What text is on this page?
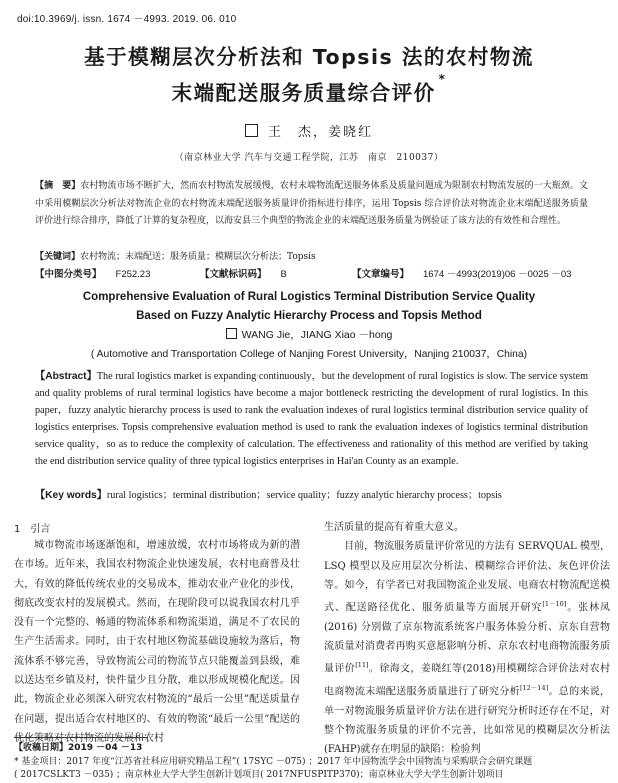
doi:10.3969/j. issn. 1674 －4993. 2019. 06. 010
基于模糊层次分析法和 Topsis 法的农村物流
末端配送服务质量综合评价*
王　杰，姜晓红
（南京林业大学 汽车与交通工程学院，江苏　南京　210037）
【摘　要】农村物流市场不断扩大，然而农村物流发展缓慢，农村末端物流配送服务体系及质量问题成为限制农村物流发展的一大瓶颈。文中采用模糊层次分析法对物流企业的农村物流末端配送服务质量评价指标进行排序，运用 Topsis 综合评价法对物流企业末端配送服务质量评价进行综合排序，降低了计算的复杂程度，以海安县三个典型的物流企业的末端配送服务质量为例验证了该方法的有效性和合理性。
【关键词】农村物流；末端配送；服务质量；模糊层次分析法；Topsis
【中图分类号】 F252.23	【文献标识码】 B	【文章编号】 1674 －4993(2019)06 －0025 －03
Comprehensive Evaluation of Rural Logistics Terminal Distribution Service Quality
Based on Fuzzy Analytic Hierarchy Process and Topsis Method
WANG Jie，JIANG Xiao －hong
( Automotive and Transportation College of Nanjing Forest University，Nanjing 210037，China)
【Abstract】The rural logistics market is expanding continuously，but the development of rural logistics is slow. The service system and quality problems of rural terminal logistics have become a major bottleneck restricting the development of rural logistics. In this paper，fuzzy analytic hierarchy process is used to rank the evaluation indexes of rural logistics terminal distribution service quality of logistics enterprises. Topsis comprehensive evaluation method is used to rank the evaluation indexes of logistics terminal distribution service quality，so as to reduce the complexity of calculation. The effectiveness and rationality of this method are verified by taking the end distribution service quality of three typical logistics enterprises in Hai'an County as an example.
【Key words】rural logistics；terminal distribution；service quality；fuzzy analytic hierarchy process；topsis
1　引言

城市物流市场逐渐饱和，增速放缓，农村市场将成为新的潜在市场。近年来，我国农村物流企业快速发展，农村电商普及壮大，有效的降低传统农业的交易成本，推动农业产业化的步伐，彻底改变农村的发展模式。然而，在现阶段可以说我国农村几乎没有一个完整的、畅通的物流体系和物流渠道，满足不了农民的生产生活需求。同时，由于农村地区物流基础设施较为落后，物流体系不够完善，导致物流公司的物流节点只能覆盖到县级，难以送达至乡镇及村，快件量少且分散，难以形成规模化配送。因此，物流企业必须深入研究农村物流的“最后一公里”配送质量存在问题，提出适合农村地区的、有效的物流“最后一公里”配送的优化策略对农村物流的发展和农村

生活质量的提高有着重大意义。

目前，物流服务质量评价常见的方法有 SERVQUAL 模型，LSQ 模型以及应用层次分析法、模糊综合评价法、灰色评价法等。如今，有学者已对我国物流企业发展、电商农村物流配送模式、配送路径优化、服务质量等方面展开研究[1－10]。张林凤(2016) 分别做了京东物流系统客户服务体验分析、京东自营物流质量对消费者再购买意愿影响分析、京东农村电商物流服务质量评价[11]。徐海文，姜晓红等(2018)用模糊综合评价法对农村电商物流末端配送服务质量进行了研究分析[12－14]。总的来说，单一对物流服务质量评价方法在进行研究分析时还存在不足，对整个物流服务质量的评价不完善，比如常见的模糊层次分析法(FAHP)就存在明显的缺陷：检验判

【收稿日期】2019 －04 －13
* 基金项目：2017 年度“江苏省社科应用研究精品工程”( 17SYC －075) ；2017 年中国物流学会中国物流与采购联合会研究课题
( 2017CSLKT3 －035) ；南京林业大学大学生创新计划项目( 2017NFUSPITP370)；南京林业大学大学生创新计划项目
